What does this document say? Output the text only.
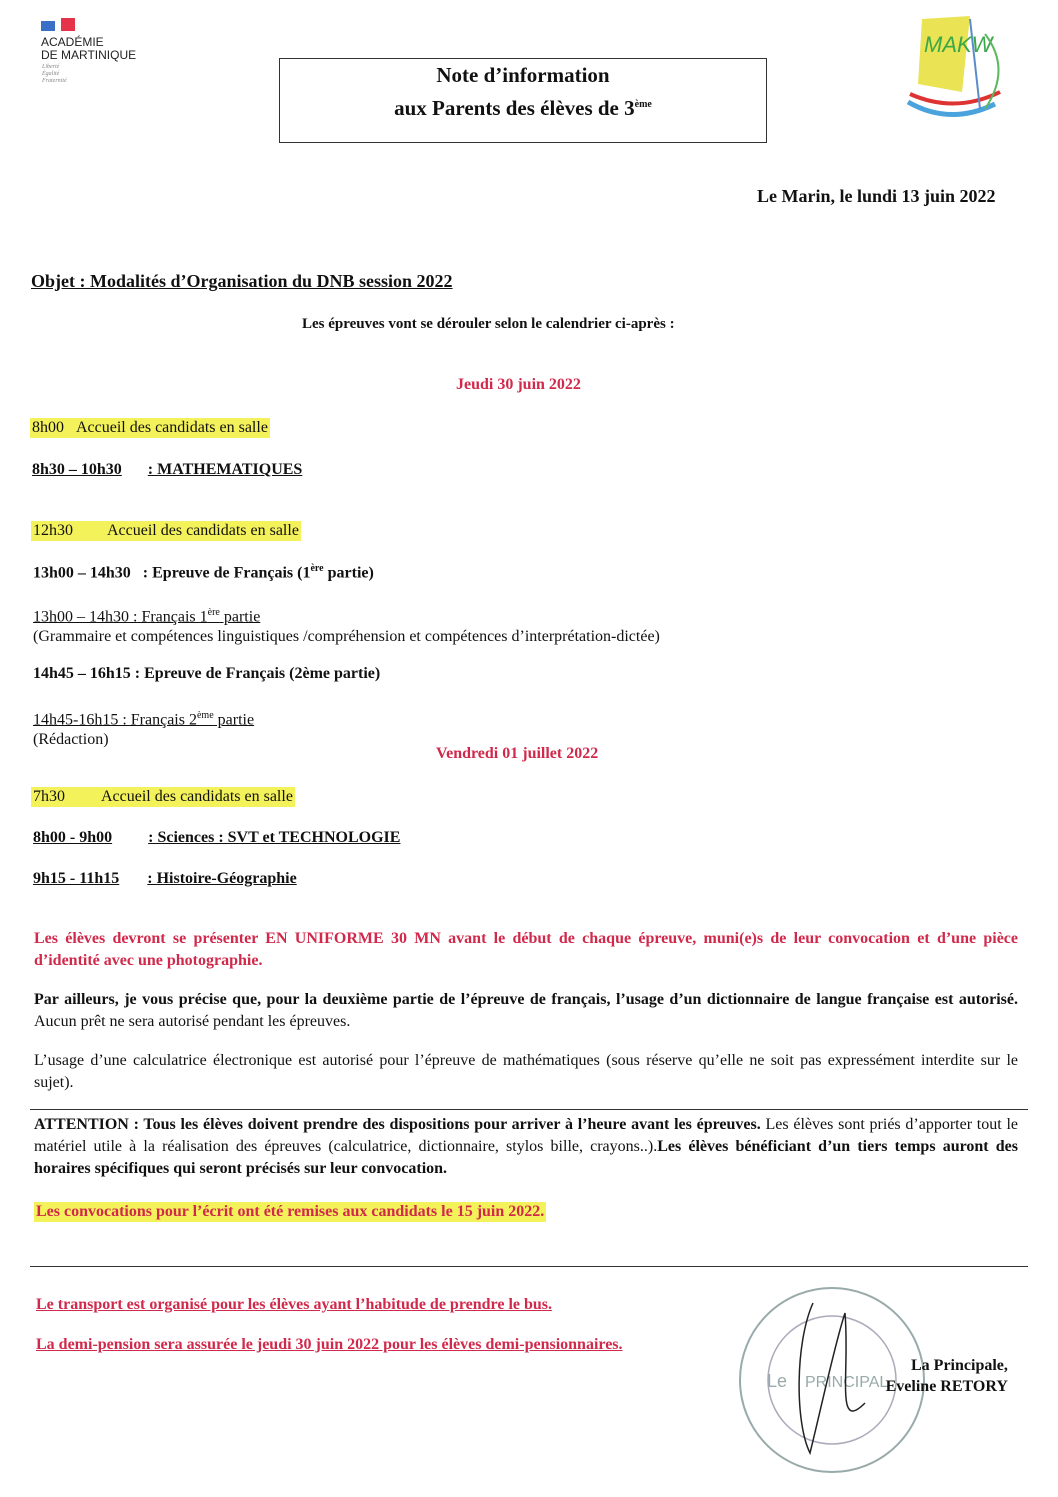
ACADÉMIE
DE MARTINIQUE
Liberté
Égalité
Fraternité
MAKW
Note d’information
aux Parents des élèves de 3ème
Le Marin, le lundi 13 juin 2022
Objet : Modalités d’Organisation du DNB session 2022
Les épreuves vont se dérouler selon le calendrier ci-après :
Jeudi 30 juin 2022
8h00 Accueil des candidats en salle
8h30 – 10h30 : MATHEMATIQUES
12h30 Accueil des candidats en salle
13h00 – 14h30 : Epreuve de Français (1ère partie)
13h00 – 14h30 : Français 1ère partie
(Grammaire et compétences linguistiques /compréhension et compétences d’interprétation-dictée)
14h45 – 16h15 : Epreuve de Français (2ème partie)
14h45-16h15 : Français 2ème partie
(Rédaction)
Vendredi 01 juillet 2022
7h30 Accueil des candidats en salle
8h00 - 9h00 : Sciences : SVT et TECHNOLOGIE
9h15 - 11h15 : Histoire-Géographie
Les élèves devront se présenter EN UNIFORME 30 MN avant le début de chaque épreuve, muni(e)s de leur convocation et d’une pièce d’identité avec une photographie.
Par ailleurs, je vous précise que, pour la deuxième partie de l’épreuve de français, l’usage d’un dictionnaire de langue française est autorisé. Aucun prêt ne sera autorisé pendant les épreuves.
L’usage d’une calculatrice électronique est autorisé pour l’épreuve de mathématiques (sous réserve qu’elle ne soit pas expressément interdite sur le sujet).
ATTENTION : Tous les élèves doivent prendre des dispositions pour arriver à l’heure avant les épreuves. Les élèves sont priés d’apporter tout le matériel utile à la réalisation des épreuves (calculatrice, dictionnaire, stylos bille, crayons..).Les élèves bénéficiant d’un tiers temps auront des horaires spécifiques qui seront précisés sur leur convocation.
Les convocations pour l’écrit ont été remises aux candidats le 15 juin 2022.
Le transport est organisé pour les élèves ayant l’habitude de prendre le bus.
La demi-pension sera assurée le jeudi 30 juin 2022 pour les élèves demi-pensionnaires.
Le PRINCIPAL
La Principale,
Eveline RETORY
